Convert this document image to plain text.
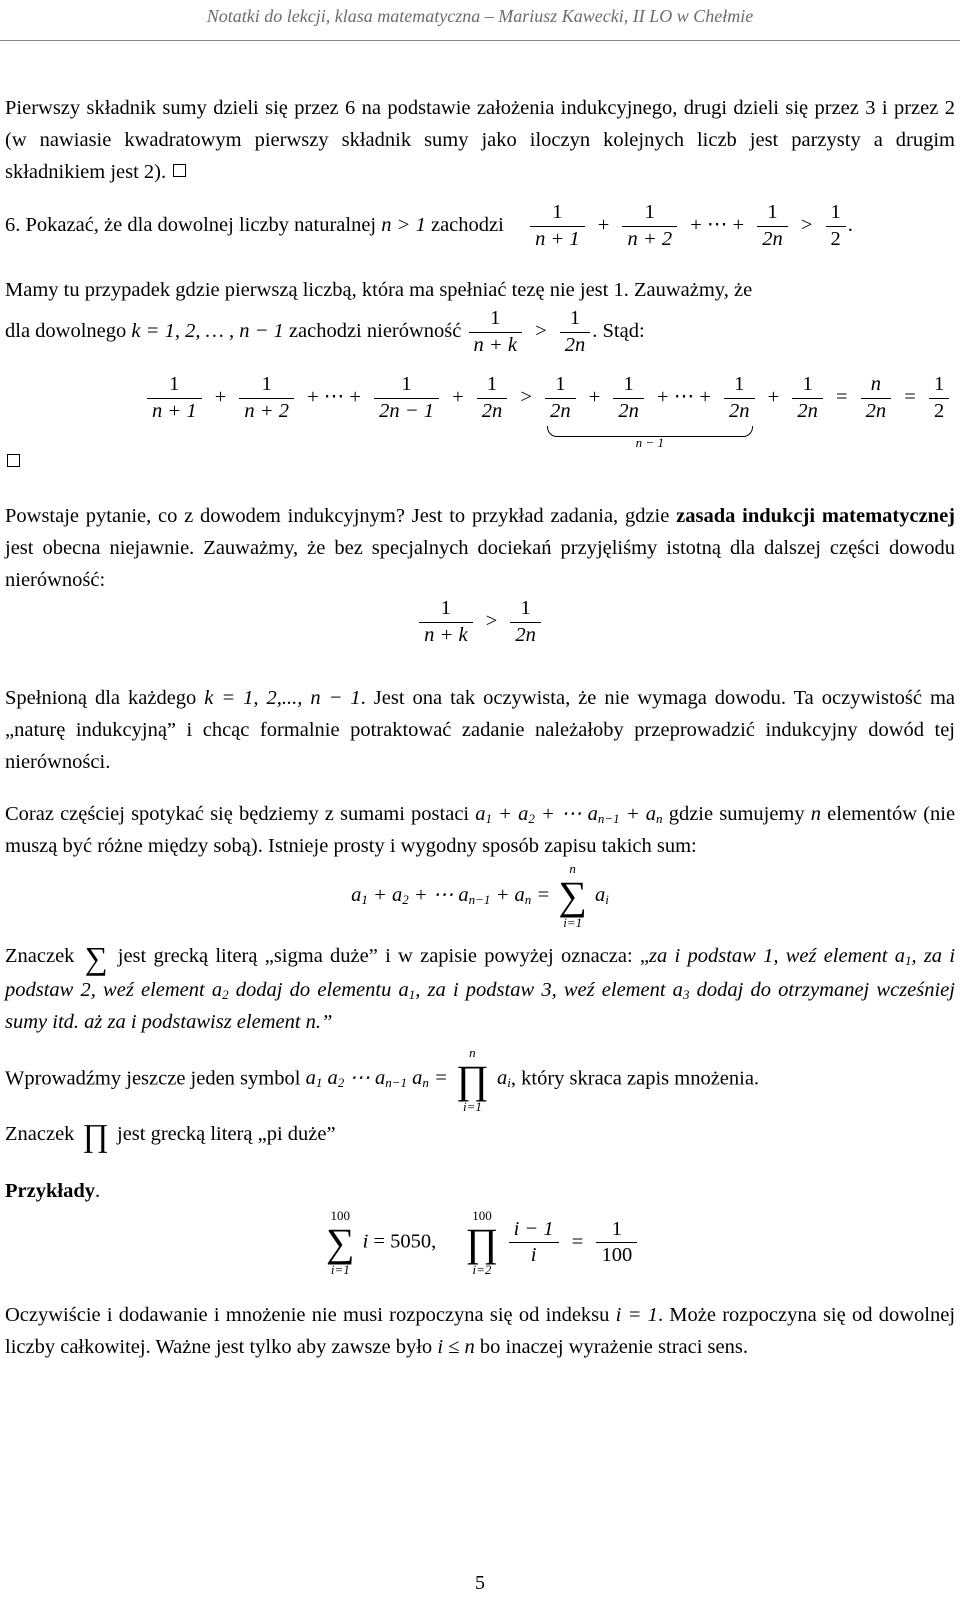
Notatki do lekcji, klasa matematyczna – Mariusz Kawecki, II LO w Chełmie

Pierwszy składnik sumy dzieli się przez 6 na podstawie założenia indukcyjnego, drugi dzieli się przez 3 i przez 2 (w nawiasie kwadratowym pierwszy składnik sumy jako iloczyn kolejnych liczb jest parzysty a drugim składnikiem jest 2).

6. Pokazać, że dla dowolnej liczby naturalnej n > 1 zachodzi $\frac{1}{n + 1} + \frac{1}{n + 2}$ + ⋯ + $\frac{1}{2n} > \frac{1}{2}$ .

Mamy tu przypadek gdzie pierwszą liczbą, która ma spełniać tezę nie jest 1. Zauważmy, że
dla dowolnego k = 1, 2, … , n − 1 zachodzi nierówność $\frac{1}{n + k} > \frac{1}{2n}$ . Stąd:

$\frac{1}{n + 1} + \frac{1}{n + 2}$ + ⋯ + $\frac{1}{2n - 1} + \frac{1}{2n} > \frac{1}{2n} + \frac{1}{2n}$ + ⋯ + $\frac{1}{2n}$
n − 1
+ $\frac{1}{2n} = \frac{n}{2n} = \frac{1}{2}$

Powstaje pytanie, co z dowodem indukcyjnym? Jest to przykład zadania, gdzie zasada indukcji matematycznej jest obecna niejawnie. Zauważmy, że bez specjalnych dociekań przyjęliśmy istotną dla dalszej części dowodu nierówność:

$\frac{1}{n + k} > \frac{1}{2n}$

Spełnioną dla każdego k = 1, 2,..., n − 1. Jest ona tak oczywista, że nie wymaga dowodu. Ta oczywistość ma „naturę indukcyjną” i chcąc formalnie potraktować zadanie należałoby przeprowadzić indukcyjny dowód tej nierówności.

Coraz częściej spotykać się będziemy z sumami postaci $a_1 + a_2$ + ⋯ $a_{n-1} + a_n$ gdzie sumujemy n elementów (nie muszą być różne między sobą). Istnieje prosty i wygodny sposób zapisu takich sum:

$a_1 + a_2$ + ⋯ $a_{n-1} + a_n$ =
n
∑
i=1
$a_i$

Znaczek ∑ jest grecką literą „sigma duże” i w zapisie powyżej oznacza: „za i podstaw 1, weź element $a_1$, za i podstaw 2, weź element $a_2$ dodaj do elementu $a_1$, za i podstaw 3, weź element $a_3$ dodaj do otrzymanej wcześniej sumy itd. aż za i podstawisz element n.”

Wprowadźmy jeszcze jeden symbol $a_1$ $a_2$ ⋯ $a_{n-1}$ $a_n$ =
n
∏
i=1
$a_i$, który skraca zapis mnożenia.

Znaczek ∏ jest grecką literą „pi duże”

Przykłady.

100
∑
i=1
i = 5050,
100
∏
i=2

$\frac{i - 1}{i} = \frac{1}{100}$

Oczywiście i dodawanie i mnożenie nie musi rozpoczyna się od indeksu i = 1. Może rozpoczyna się od dowolnej liczby całkowitej. Ważne jest tylko aby zawsze było i ≤ n bo inaczej wyrażenie straci sens.

5
